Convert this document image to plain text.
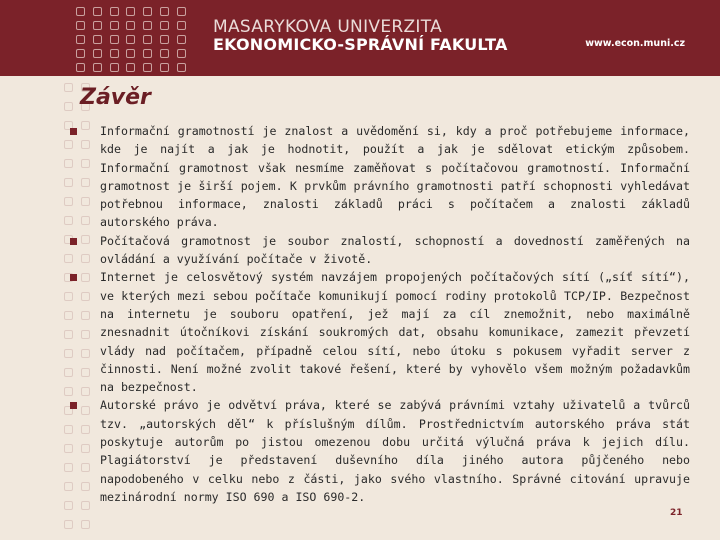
MASARYKOVA UNIVERZITA
EKONOMICKO-SPRÁVNÍ FAKULTA	www.econ.muni.cz
Závěr
Informační gramotností je znalost a uvědomění si, kdy a proč potřebujeme informace, kde je najít a jak je hodnotit, použít a jak je sdělovat etickým způsobem. Informační gramotnost však nesmíme zaměňovat s počítačovou gramotností. Informační gramotnost je širší pojem. K prvkům právního gramotnosti patří schopnosti vyhledávat potřebnou informace, znalosti základů práci s počítačem a znalosti základů autorského práva.
Počítačová gramotnost je soubor znalostí, schopností a dovedností zaměřených na ovládání a využívání počítače v životě.
Internet je celosvětový systém navzájem propojených počítačových sítí („síť sítí“), ve kterých mezi sebou počítače komunikují pomocí rodiny protokolů TCP/IP. Bezpečnost na internetu je souboru opatření, jež mají za cíl znemožnit, nebo maximálně znesnadnit útočníkovi získání soukromých dat, obsahu komunikace, zamezit převzetí vlády nad počítačem, případně celou sítí, nebo útoku s pokusem vyřadit server z činnosti. Není možné zvolit takové řešení, které by vyhovělo všem možným požadavkům na bezpečnost.
Autorské právo je odvětví práva, které se zabývá právními vztahy uživatelů a tvůrců tzv. „autorských děl“ k příslušným dílům. Prostřednictvím autorského práva stát poskytuje autorům po jistou omezenou dobu určitá výlučná práva k jejich dílu. Plagiátorství je představení duševního díla jiného autora půjčeného nebo napodobeného v celku nebo z části, jako svého vlastního. Správné citování upravuje mezinárodní normy ISO 690 a ISO 690-2.
21
